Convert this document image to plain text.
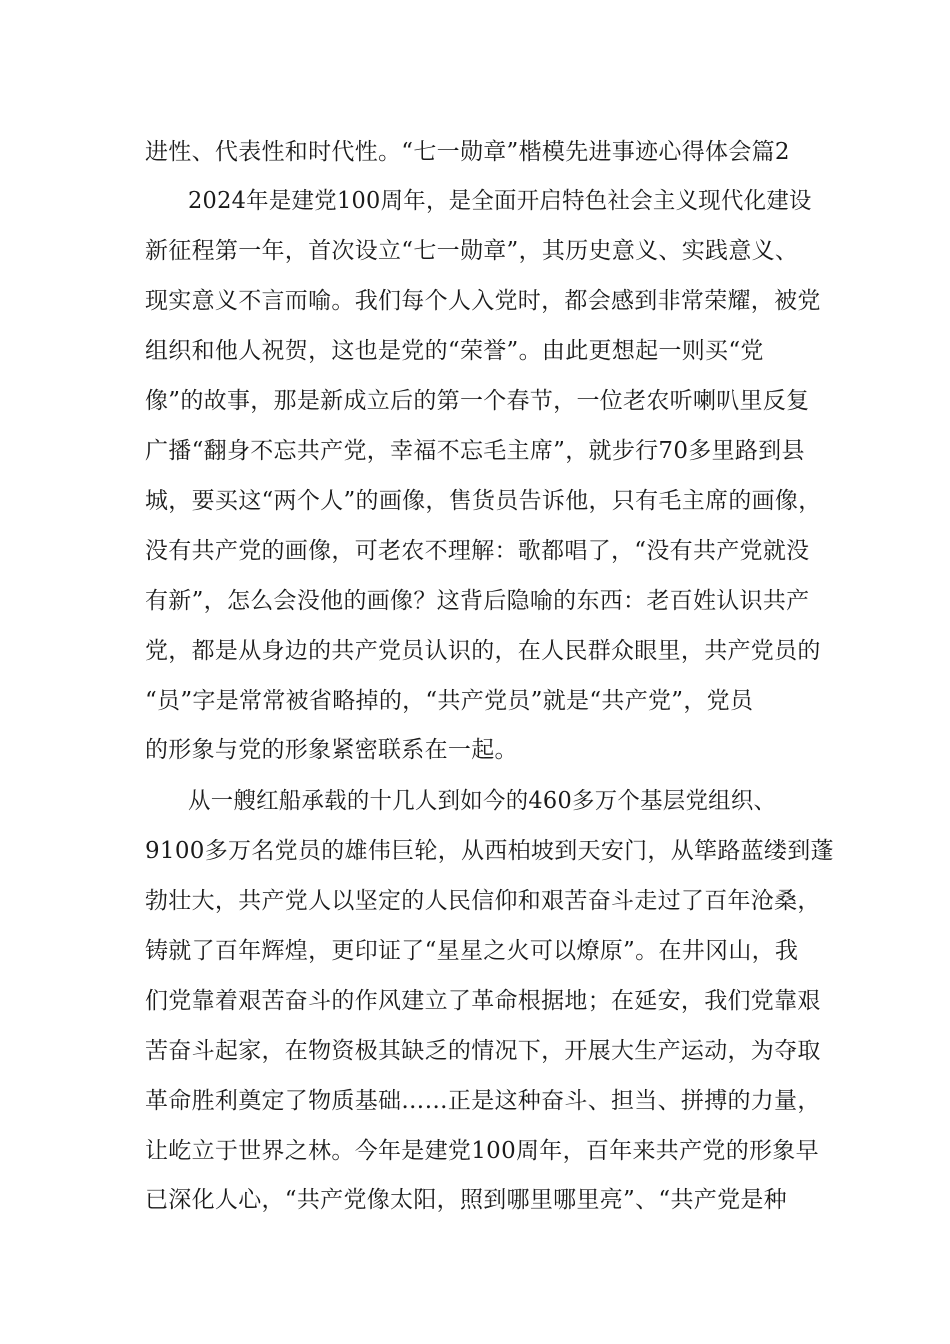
进性、代表性和时代性。“七一勋章”楷模先进事迹心得体会篇2
2024年是建党100周年，是全面开启特色社会主义现代化建设
新征程第一年，首次设立“七一勋章”，其历史意义、实践意义、
现实意义不言而喻。我们每个人入党时，都会感到非常荣耀，被党
组织和他人祝贺，这也是党的“荣誉”。由此更想起一则买“党
像”的故事，那是新成立后的第一个春节，一位老农听喇叭里反复
广播“翻身不忘共产党，幸福不忘毛主席”，就步行70多里路到县
城，要买这“两个人”的画像，售货员告诉他，只有毛主席的画像，
没有共产党的画像，可老农不理解：歌都唱了，“没有共产党就没
有新”，怎么会没他的画像？这背后隐喻的东西：老百姓认识共产
党，都是从身边的共产党员认识的，在人民群众眼里，共产党员的
“员”字是常常被省略掉的，“共产党员”就是“共产党”，党员
的形象与党的形象紧密联系在一起。
从一艘红船承载的十几人到如今的460多万个基层党组织、
9100多万名党员的雄伟巨轮，从西柏坡到天安门，从筚路蓝缕到蓬
勃壮大，共产党人以坚定的人民信仰和艰苦奋斗走过了百年沧桑，
铸就了百年辉煌，更印证了“星星之火可以燎原”。在井冈山，我
们党靠着艰苦奋斗的作风建立了革命根据地；在延安，我们党靠艰
苦奋斗起家，在物资极其缺乏的情况下，开展大生产运动，为夺取
革命胜利奠定了物质基础……正是这种奋斗、担当、拼搏的力量，
让屹立于世界之林。今年是建党100周年，百年来共产党的形象早
已深化人心，“共产党像太阳，照到哪里哪里亮”、“共产党是种
